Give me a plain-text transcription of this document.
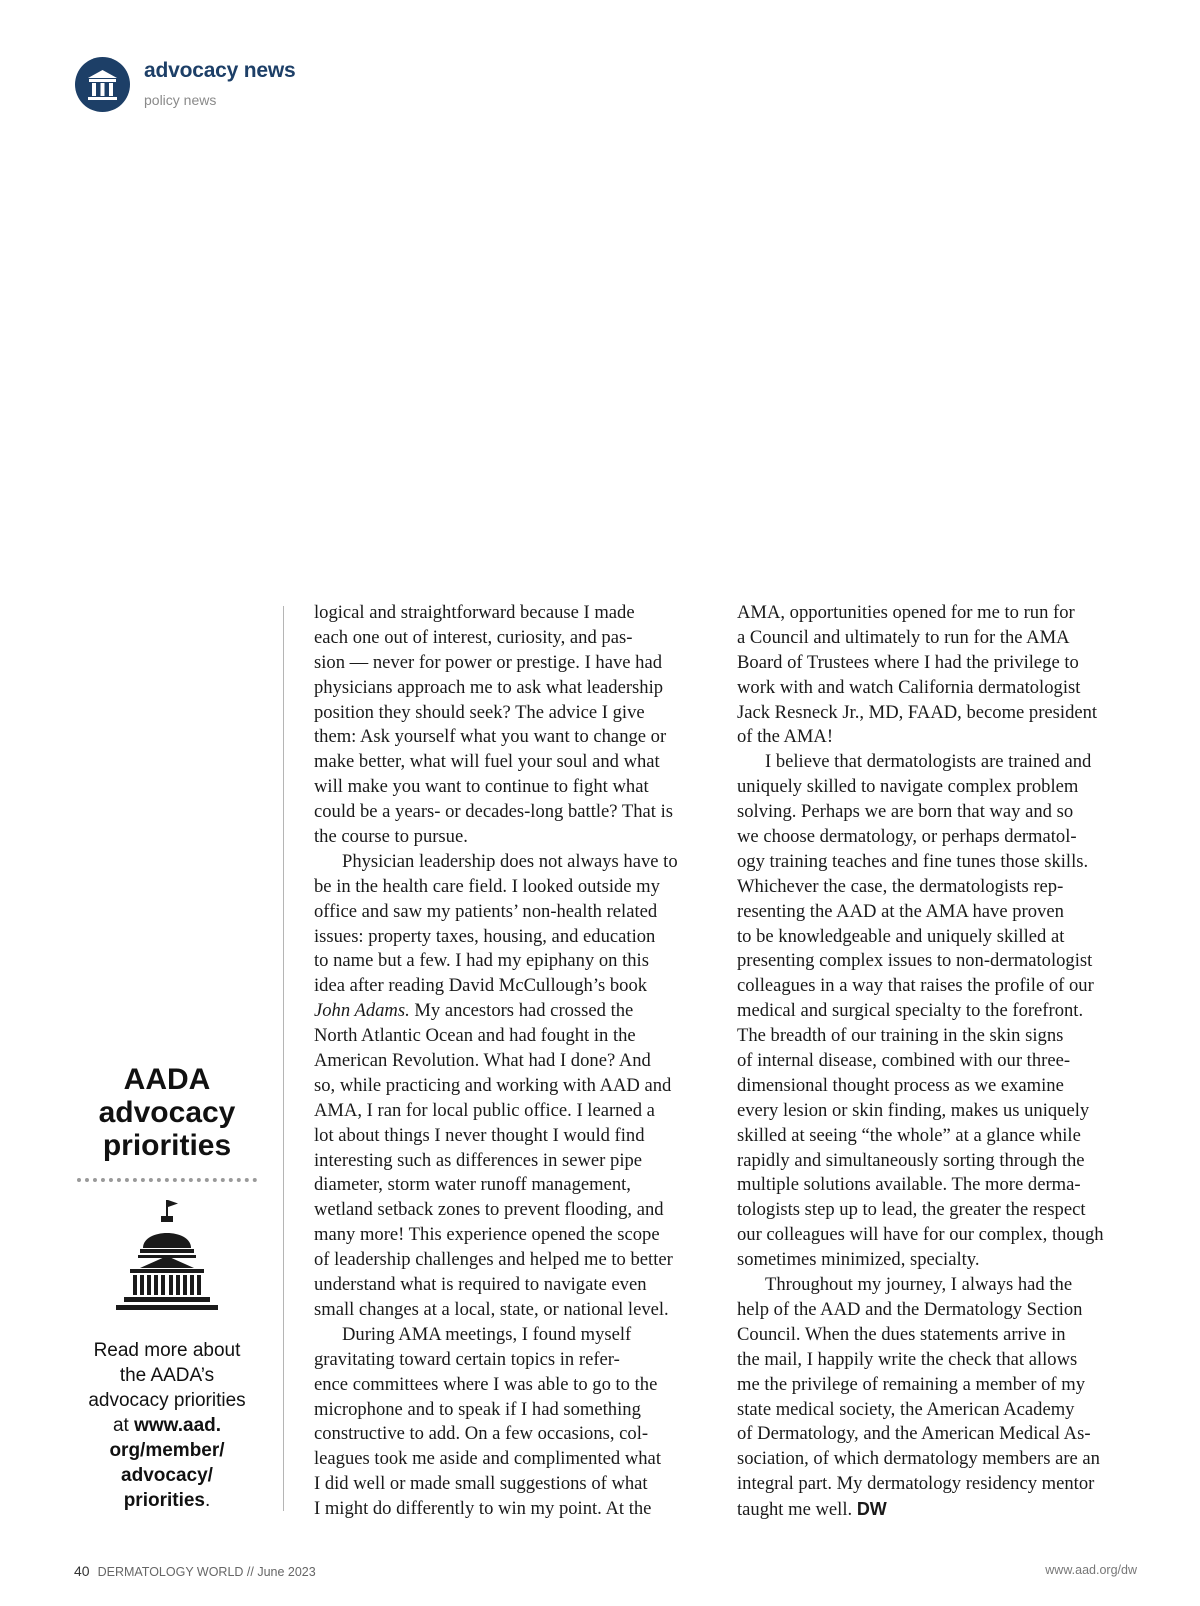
advocacy news
policy news
AADA
advocacy
priorities
Read more about
the AADA’s
advocacy priorities
at www.aad.
org/member/
advocacy/
priorities.
logical and straightforward because I made
each one out of interest, curiosity, and pas-
sion — never for power or prestige. I have had
physicians approach me to ask what leadership
position they should seek? The advice I give
them: Ask yourself what you want to change or
make better, what will fuel your soul and what
will make you want to continue to fight what
could be a years- or decades-long battle? That is
the course to pursue.
Physician leadership does not always have to
be in the health care field. I looked outside my
office and saw my patients’ non-health related
issues: property taxes, housing, and education
to name but a few. I had my epiphany on this
idea after reading David McCullough’s book
John Adams. My ancestors had crossed the
North Atlantic Ocean and had fought in the
American Revolution. What had I done? And
so, while practicing and working with AAD and
AMA, I ran for local public office. I learned a
lot about things I never thought I would find
interesting such as differences in sewer pipe
diameter, storm water runoff management,
wetland setback zones to prevent flooding, and
many more! This experience opened the scope
of leadership challenges and helped me to better
understand what is required to navigate even
small changes at a local, state, or national level.
During AMA meetings, I found myself
gravitating toward certain topics in refer-
ence committees where I was able to go to the
microphone and to speak if I had something
constructive to add. On a few occasions, col-
leagues took me aside and complimented what
I did well or made small suggestions of what
I might do differently to win my point. At the
AMA, opportunities opened for me to run for
a Council and ultimately to run for the AMA
Board of Trustees where I had the privilege to
work with and watch California dermatologist
Jack Resneck Jr., MD, FAAD, become president
of the AMA!
I believe that dermatologists are trained and
uniquely skilled to navigate complex problem
solving. Perhaps we are born that way and so
we choose dermatology, or perhaps dermatol-
ogy training teaches and fine tunes those skills.
Whichever the case, the dermatologists rep-
resenting the AAD at the AMA have proven
to be knowledgeable and uniquely skilled at
presenting complex issues to non-dermatologist
colleagues in a way that raises the profile of our
medical and surgical specialty to the forefront.
The breadth of our training in the skin signs
of internal disease, combined with our three-
dimensional thought process as we examine
every lesion or skin finding, makes us uniquely
skilled at seeing “the whole” at a glance while
rapidly and simultaneously sorting through the
multiple solutions available. The more derma-
tologists step up to lead, the greater the respect
our colleagues will have for our complex, though
sometimes minimized, specialty.
Throughout my journey, I always had the
help of the AAD and the Dermatology Section
Council. When the dues statements arrive in
the mail, I happily write the check that allows
me the privilege of remaining a member of my
state medical society, the American Academy
of Dermatology, and the American Medical As-
sociation, of which dermatology members are an
integral part. My dermatology residency mentor
taught me well. DW
40 DERMATOLOGY WORLD // June 2023	www.aad.org/dw
